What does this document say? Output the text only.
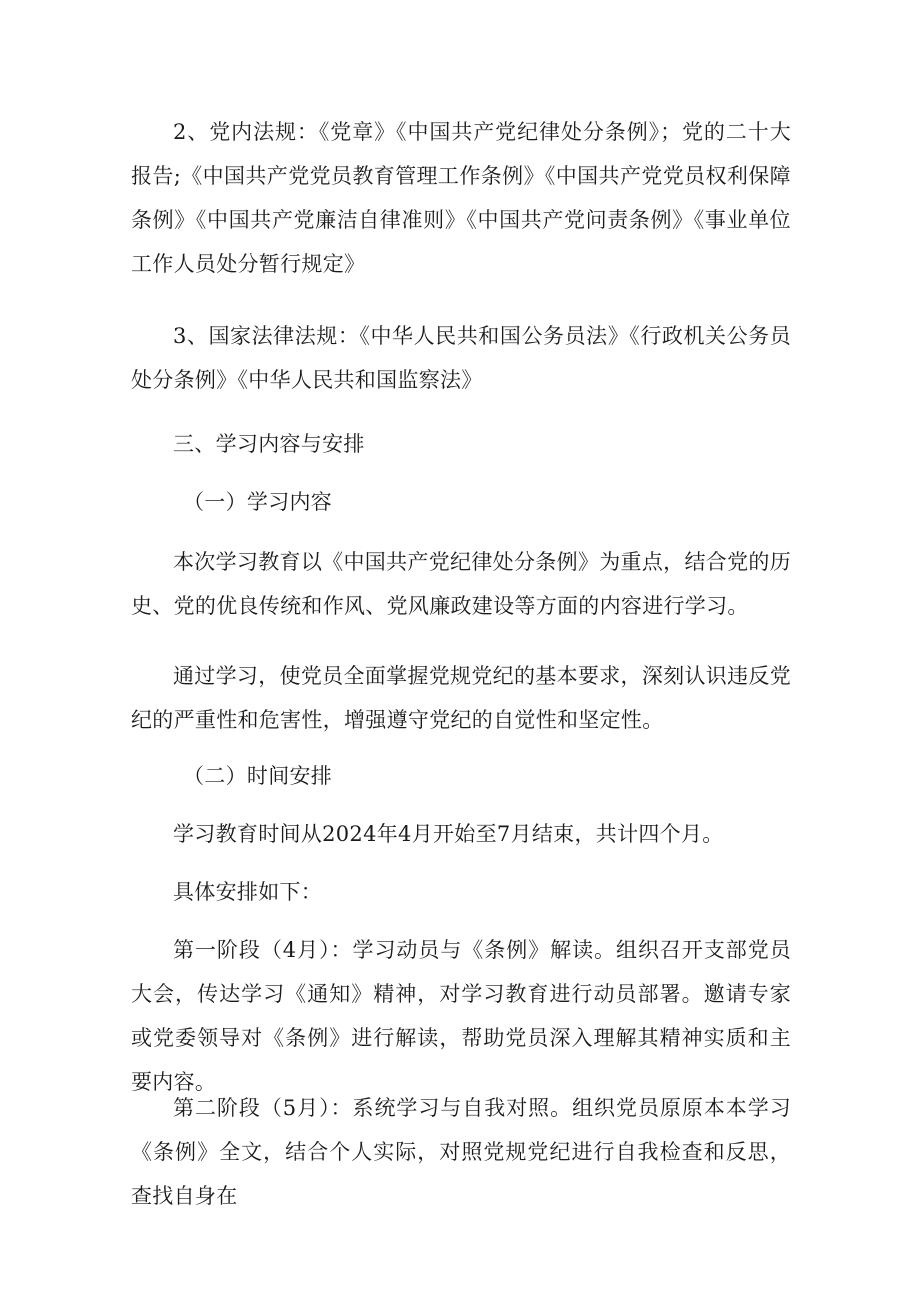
2、党内法规：《党章》《中国共产党纪律处分条例》；党的二十大报告;《中国共产党党员教育管理工作条例》《中国共产党党员权利保障条例》《中国共产党廉洁自律准则》《中国共产党问责条例》《事业单位工作人员处分暂行规定》

3、国家法律法规：《中华人民共和国公务员法》《行政机关公务员处分条例》《中华人民共和国监察法》

三、学习内容与安排

（一）学习内容

本次学习教育以《中国共产党纪律处分条例》为重点，结合党的历史、党的优良传统和作风、党风廉政建设等方面的内容进行学习。

通过学习，使党员全面掌握党规党纪的基本要求，深刻认识违反党纪的严重性和危害性，增强遵守党纪的自觉性和坚定性。

（二）时间安排

学习教育时间从2024年4月开始至7月结束，共计四个月。

具体安排如下：

第一阶段（4月）：学习动员与《条例》解读。组织召开支部党员大会，传达学习《通知》精神，对学习教育进行动员部署。邀请专家或党委领导对《条例》进行解读，帮助党员深入理解其精神实质和主要内容。

第二阶段（5月）：系统学习与自我对照。组织党员原原本本学习《条例》全文，结合个人实际，对照党规党纪进行自我检查和反思，查找自身在
